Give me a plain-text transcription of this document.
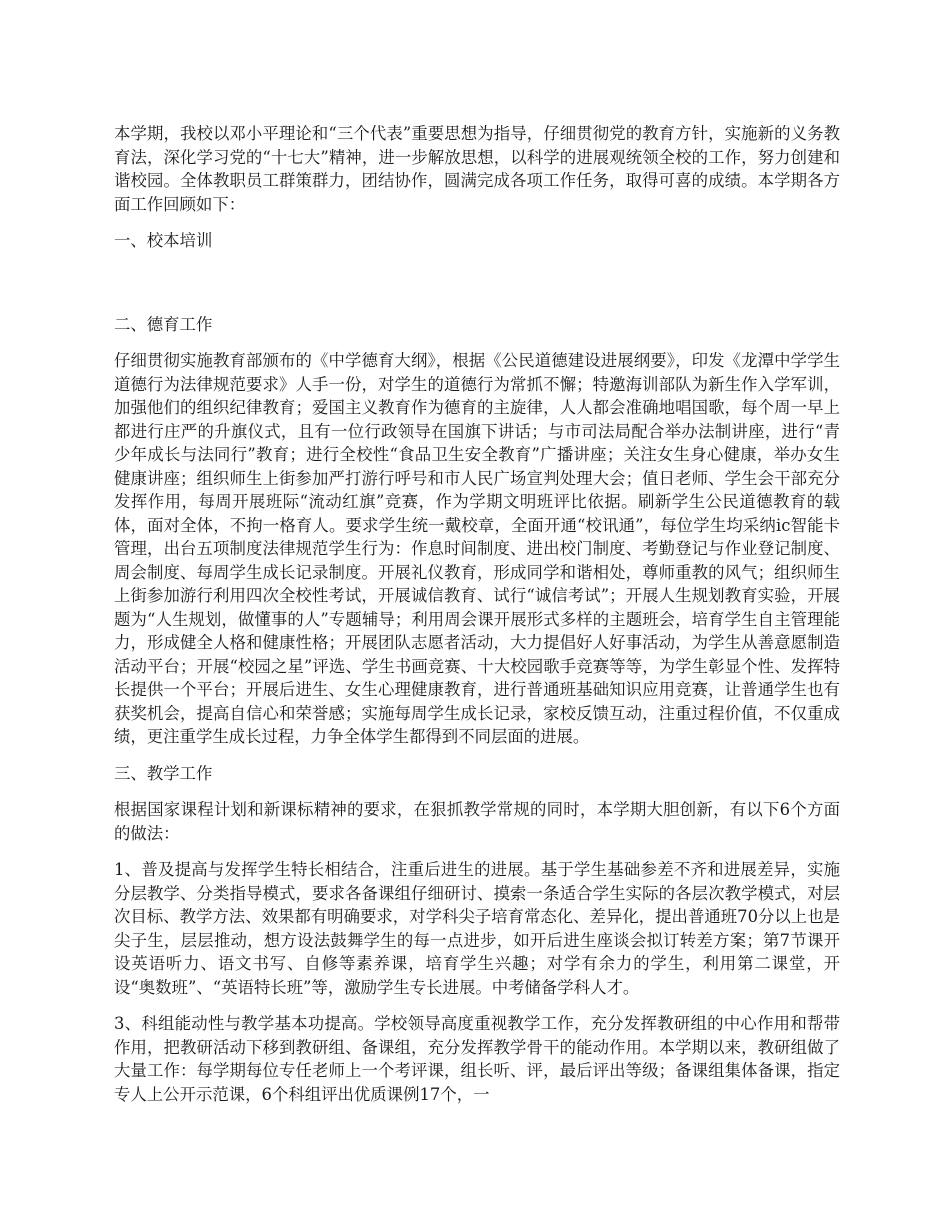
本学期，我校以邓小平理论和“三个代表”重要思想为指导，仔细贯彻党的教育方针，实施新的义务教育法，深化学习党的“十七大”精神，进一步解放思想，以科学的进展观统领全校的工作，努力创建和谐校园。全体教职员工群策群力，团结协作，圆满完成各项工作任务，取得可喜的成绩。本学期各方面工作回顾如下：

一、校本培训

二、德育工作

仔细贯彻实施教育部颁布的《中学德育大纲》，根据《公民道德建设进展纲要》，印发《龙潭中学学生道德行为法律规范要求》人手一份，对学生的道德行为常抓不懈；特邀海训部队为新生作入学军训，加强他们的组织纪律教育；爱国主义教育作为德育的主旋律，人人都会准确地唱国歌，每个周一早上都进行庄严的升旗仪式，且有一位行政领导在国旗下讲话；与市司法局配合举办法制讲座，进行“青少年成长与法同行”教育；进行全校性“食品卫生安全教育”广播讲座；关注女生身心健康，举办女生健康讲座；组织师生上街参加严打游行呼号和市人民广场宣判处理大会；值日老师、学生会干部充分发挥作用，每周开展班际“流动红旗”竞赛，作为学期文明班评比依据。刷新学生公民道德教育的载体，面对全体，不拘一格育人。要求学生统一戴校章，全面开通“校讯通”，每位学生均采纳ic智能卡管理，出台五项制度法律规范学生行为：作息时间制度、进出校门制度、考勤登记与作业登记制度、周会制度、每周学生成长记录制度。开展礼仪教育，形成同学和谐相处，尊师重教的风气；组织师生上街参加游行利用四次全校性考试，开展诚信教育、试行“诚信考试”；开展人生规划教育实验，开展题为“人生规划，做懂事的人”专题辅导；利用周会课开展形式多样的主题班会，培育学生自主管理能力，形成健全人格和健康性格；开展团队志愿者活动，大力提倡好人好事活动，为学生从善意愿制造活动平台；开展“校园之星”评选、学生书画竞赛、十大校园歌手竞赛等等，为学生彰显个性、发挥特长提供一个平台；开展后进生、女生心理健康教育，进行普通班基础知识应用竞赛，让普通学生也有获奖机会，提高自信心和荣誉感；实施每周学生成长记录，家校反馈互动，注重过程价值，不仅重成绩，更注重学生成长过程，力争全体学生都得到不同层面的进展。

三、教学工作

根据国家课程计划和新课标精神的要求，在狠抓教学常规的同时，本学期大胆创新，有以下6个方面的做法：

1、普及提高与发挥学生特长相结合，注重后进生的进展。基于学生基础参差不齐和进展差异，实施分层教学、分类指导模式，要求各备课组仔细研讨、摸索一条适合学生实际的各层次教学模式，对层次目标、教学方法、效果都有明确要求，对学科尖子培育常态化、差异化，提出普通班70分以上也是尖子生，层层推动，想方设法鼓舞学生的每一点进步，如开后进生座谈会拟订转差方案；第7节课开设英语听力、语文书写、自修等素养课，培育学生兴趣；对学有余力的学生，利用第二课堂，开设“奥数班”、“英语特长班”等，激励学生专长进展。中考储备学科人才。

3、科组能动性与教学基本功提高。学校领导高度重视教学工作，充分发挥教研组的中心作用和帮带作用，把教研活动下移到教研组、备课组，充分发挥教学骨干的能动作用。本学期以来，教研组做了大量工作：每学期每位专任老师上一个考评课，组长听、评，最后评出等级；备课组集体备课，指定专人上公开示范课，6个科组评出优质课例17个，一
